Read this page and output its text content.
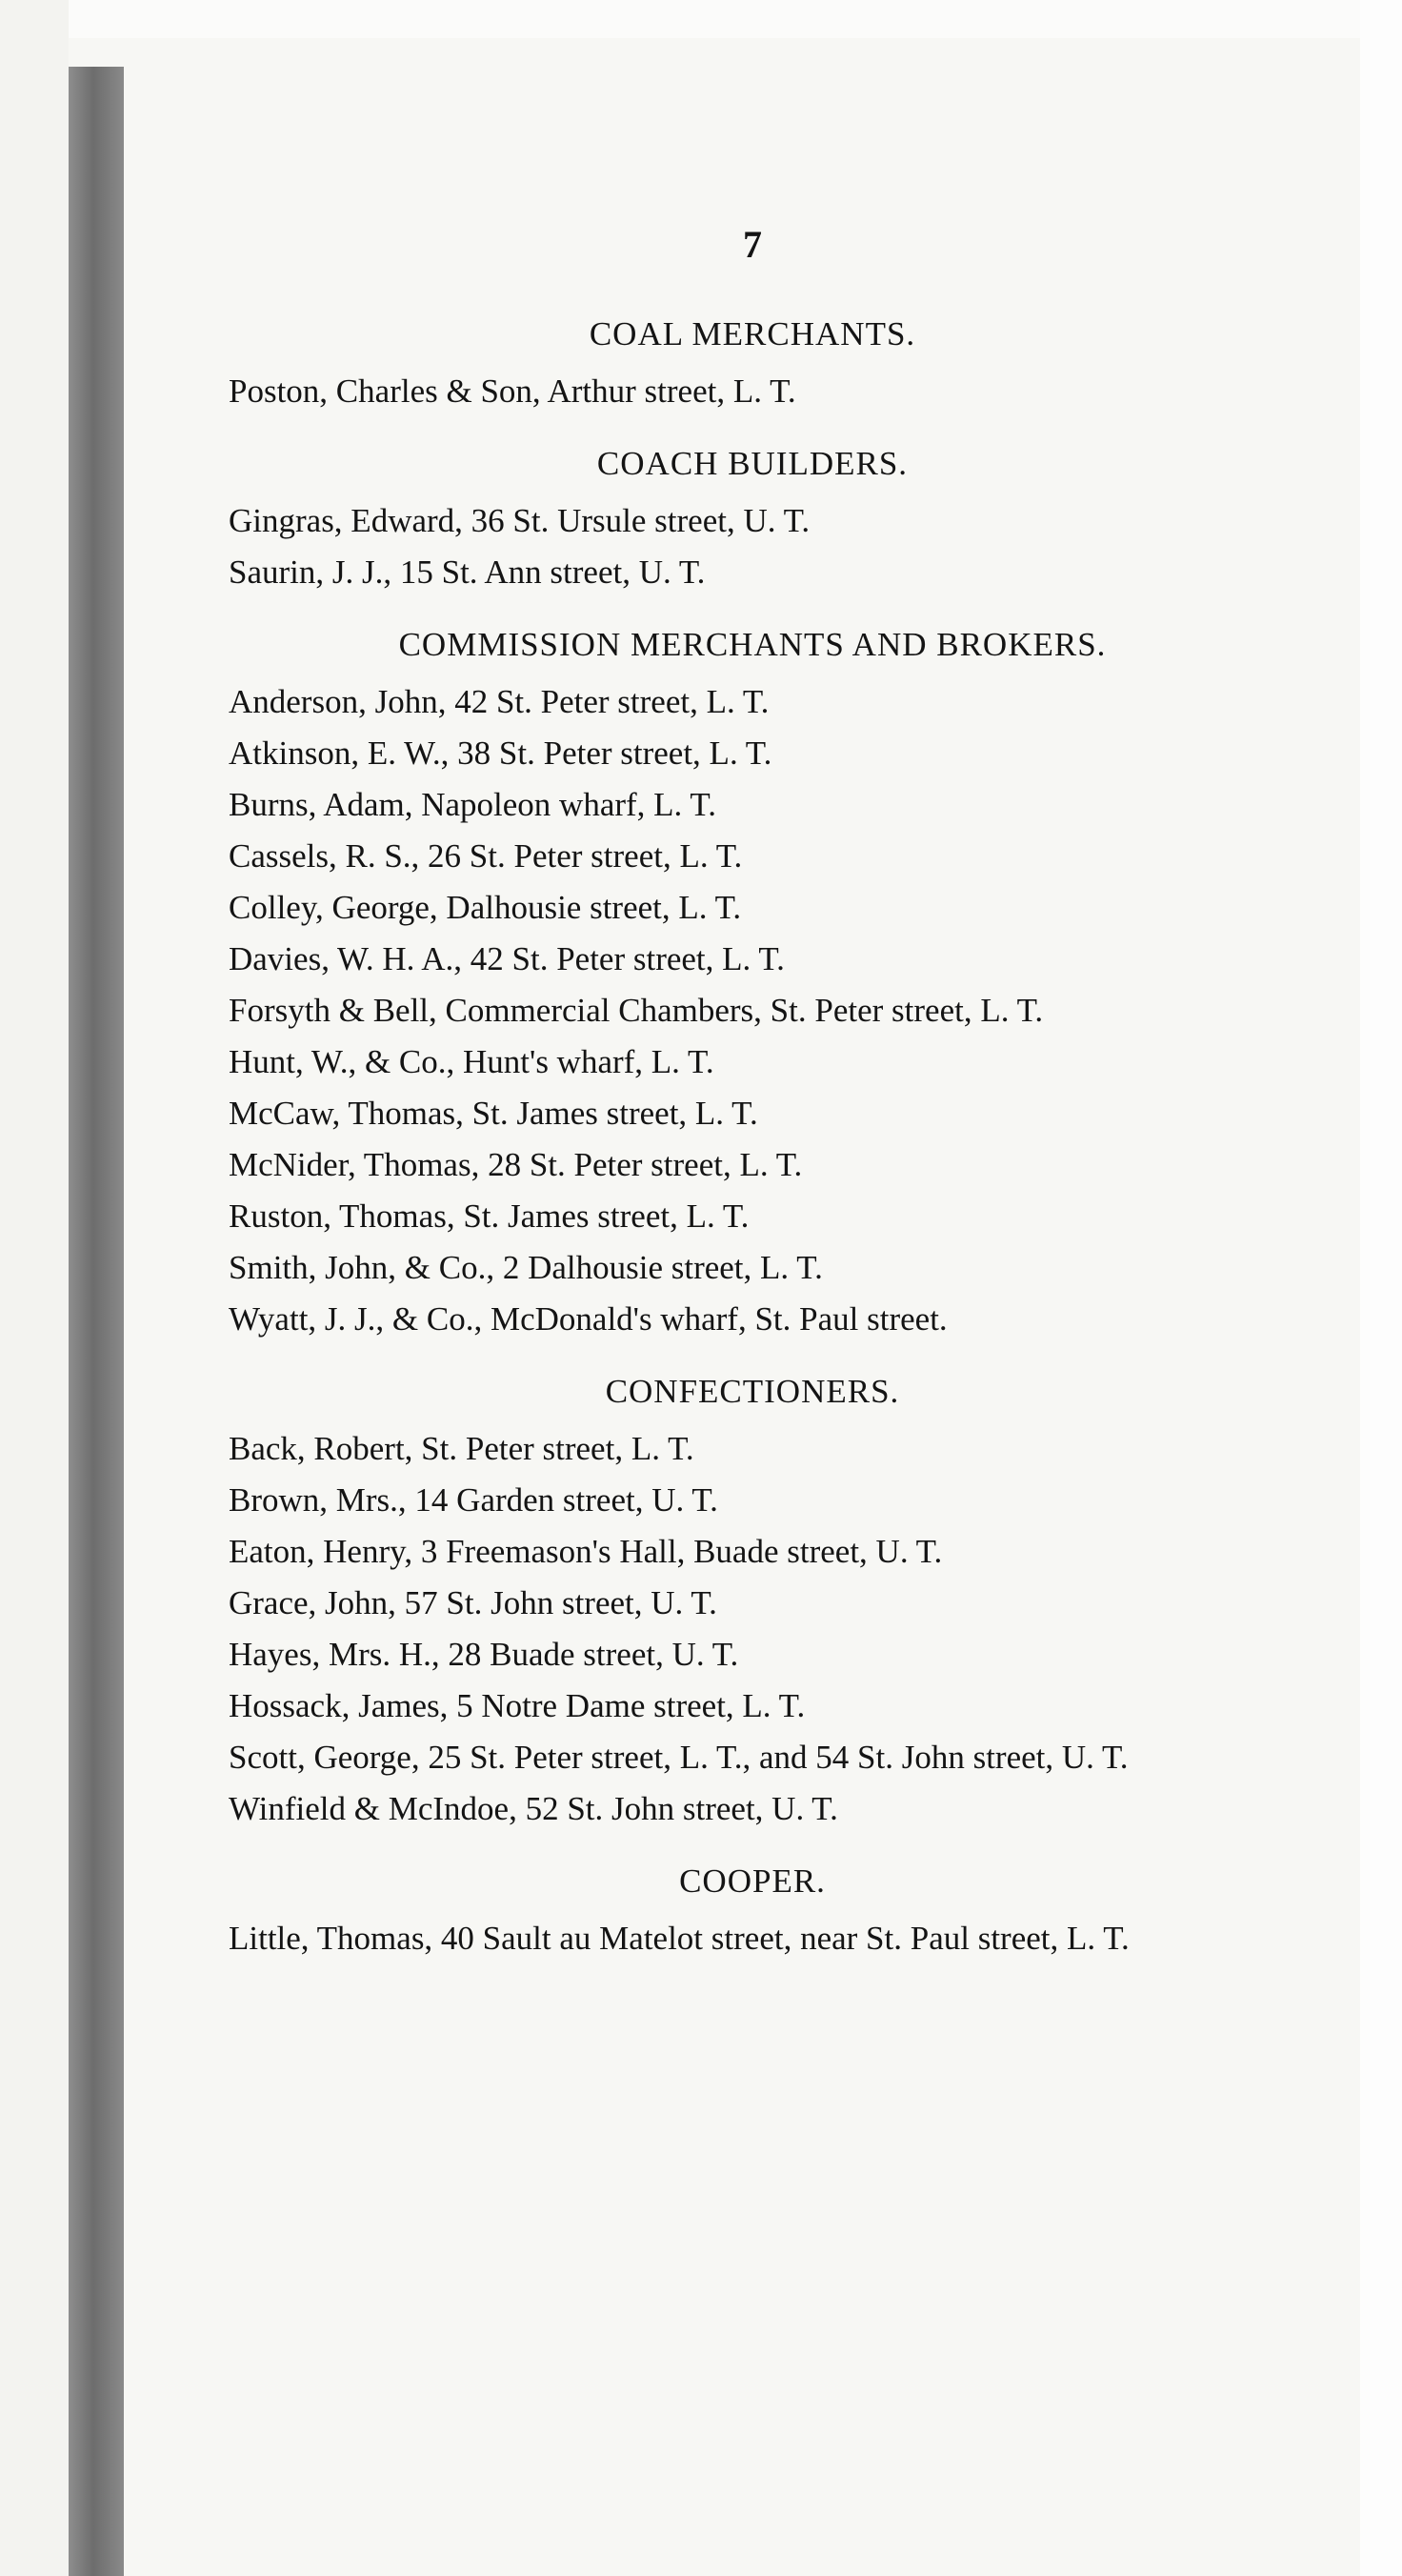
7
COAL MERCHANTS.

Poston, Charles & Son, Arthur street, L. T.

COACH BUILDERS.

Gingras, Edward, 36 St. Ursule street, U. T.

Saurin, J. J., 15 St. Ann street, U. T.

COMMISSION MERCHANTS AND BROKERS.

Anderson, John, 42 St. Peter street, L. T.

Atkinson, E. W., 38 St. Peter street, L. T.

Burns, Adam, Napoleon wharf, L. T.

Cassels, R. S., 26 St. Peter street, L. T.

Colley, George, Dalhousie street, L. T.

Davies, W. H. A., 42 St. Peter street, L. T.

Forsyth & Bell, Commercial Chambers, St. Peter street, L. T.

Hunt, W., & Co., Hunt's wharf, L. T.

McCaw, Thomas, St. James street, L. T.

McNider, Thomas, 28 St. Peter street, L. T.

Ruston, Thomas, St. James street, L. T.

Smith, John, & Co., 2 Dalhousie street, L. T.

Wyatt, J. J., & Co., McDonald's wharf, St. Paul street.

CONFECTIONERS.

Back, Robert, St. Peter street, L. T.

Brown, Mrs., 14 Garden street, U. T.

Eaton, Henry, 3 Freemason's Hall, Buade street, U. T.

Grace, John, 57 St. John street, U. T.

Hayes, Mrs. H., 28 Buade street, U. T.

Hossack, James, 5 Notre Dame street, L. T.

Scott, George, 25 St. Peter street, L. T., and 54 St. John street, U. T.

Winfield & McIndoe, 52 St. John street, U. T.

COOPER.

Little, Thomas, 40 Sault au Matelot street, near St. Paul street, L. T.
